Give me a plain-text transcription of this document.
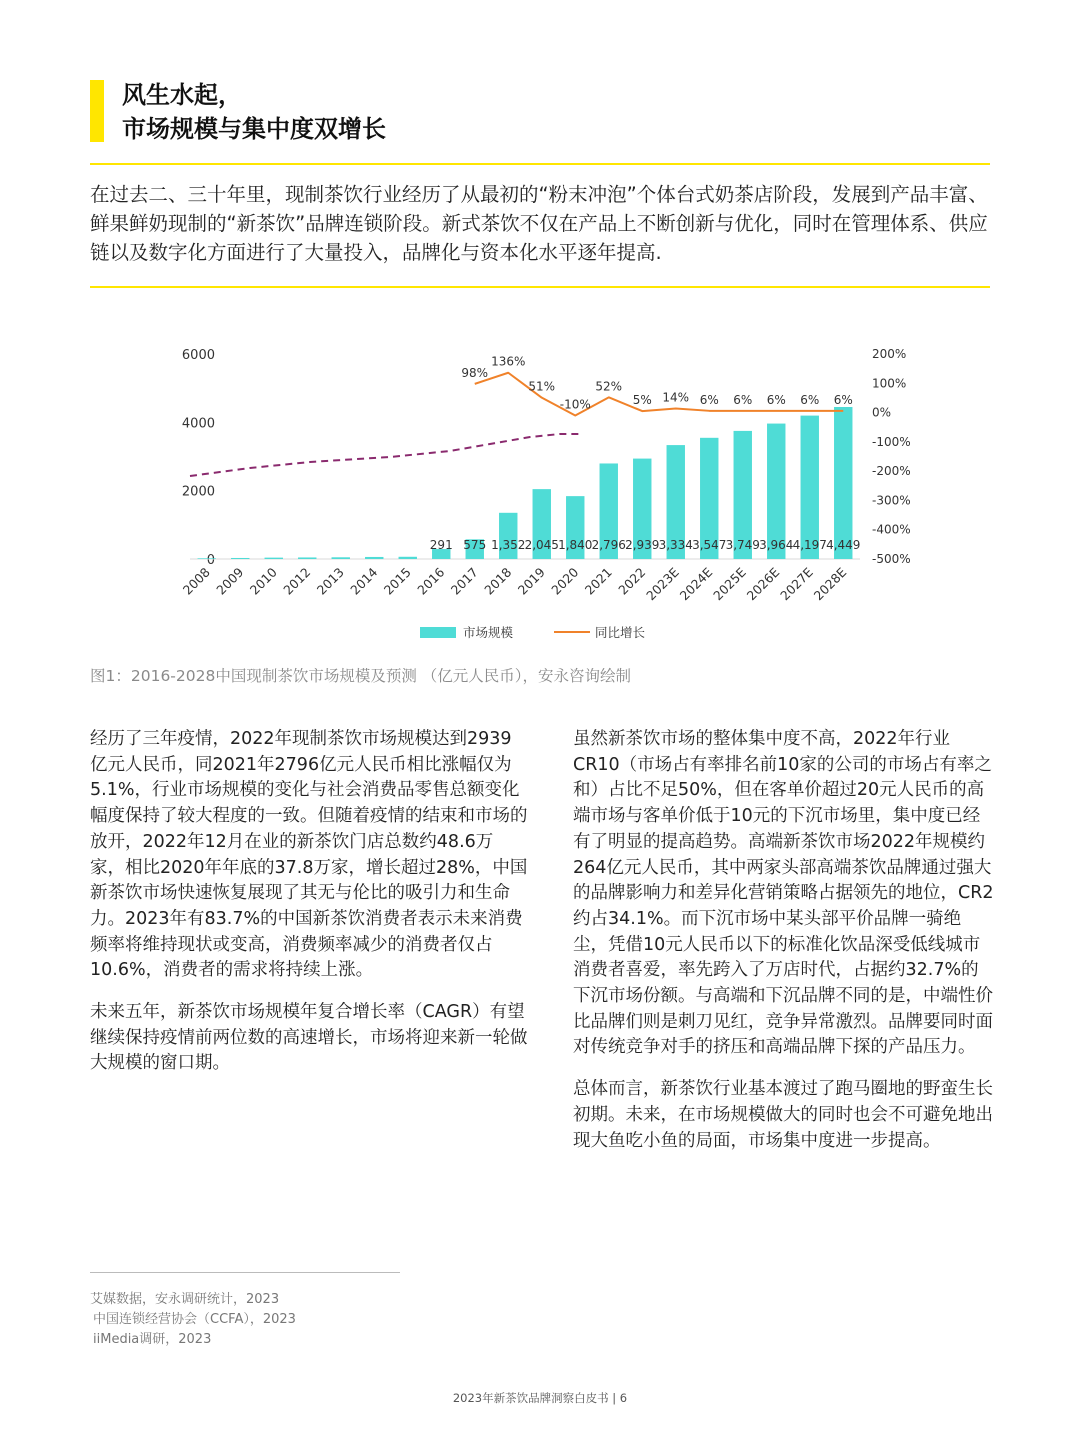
风生水起，
市场规模与集中度双增长
在过去二、三十年里，现制茶饮行业经历了从最初的“粉末冲泡”个体台式奶茶店阶段，发展到产品丰富、鲜果鲜奶现制的“新茶饮”品牌连锁阶段。新式茶饮不仅在产品上不断创新与优化，同时在管理体系、供应链以及数字化方面进行了大量投入，品牌化与资本化水平逐年提高.
6000
4000
2000
0
200%
100%
0%
-100%
-200%
-300%
-400%
-500%
291 575 1,352 2,045 1,840 2,796 2,939 3,334 3,547 3,749 3,964 4,197 4,449
98%
136%
51%
-10%
52%
5% 14% 6% 6% 6% 6% 6%
2008 2009 2010 2012 2013 2014 2015 2016 2017 2018 2019 2020 2021 2022
2023E
2024E
2025E
2026E
2027E
2028E
市场规模	同比增长
图1：2016-2028中国现制茶饮市场规模及预测 （亿元人民币），安永咨询绘制

经历了三年疫情，2022年现制茶饮市场规模达到2939亿元人民币，同2021年2796亿元人民币相比涨幅仅为5.1%，行业市场规模的变化与社会消费品零售总额变化幅度保持了较大程度的一致。但随着疫情的结束和市场的放开，2022年12月在业的新茶饮门店总数约48.6万家，相比2020年年底的37.8万家，增长超过28%，中国新茶饮市场快速恢复展现了其无与伦比的吸引力和生命力。2023年有83.7%的中国新茶饮消费者表示未来消费频率将维持现状或变高，消费频率减少的消费者仅占10.6%，消费者的需求将持续上涨。

未来五年，新茶饮市场规模年复合增长率（CAGR）有望继续保持疫情前两位数的高速增长，市场将迎来新一轮做大规模的窗口期。

虽然新茶饮市场的整体集中度不高，2022年行业CR10（市场占有率排名前10家的公司的市场占有率之和）占比不足50%，但在客单价超过20元人民币的高端市场与客单价低于10元的下沉市场里，集中度已经有了明显的提高趋势。高端新茶饮市场2022年规模约264亿元人民币，其中两家头部高端茶饮品牌通过强大的品牌影响力和差异化营销策略占据领先的地位，CR2约占34.1%。而下沉市场中某头部平价品牌一骑绝尘，凭借10元人民币以下的标准化饮品深受低线城市消费者喜爱，率先跨入了万店时代，占据约32.7%的下沉市场份额。与高端和下沉品牌不同的是，中端性价比品牌们则是刺刀见红，竞争异常激烈。品牌要同时面对传统竞争对手的挤压和高端品牌下探的产品压力。

总体而言，新茶饮行业基本渡过了跑马圈地的野蛮生长初期。未来，在市场规模做大的同时也会不可避免地出现大鱼吃小鱼的局面，市场集中度进一步提高。

艾媒数据，安永调研统计，2023
中国连锁经营协会（CCFA），2023
iiMedia调研，2023
2023年新茶饮品牌洞察白皮书 | 6
